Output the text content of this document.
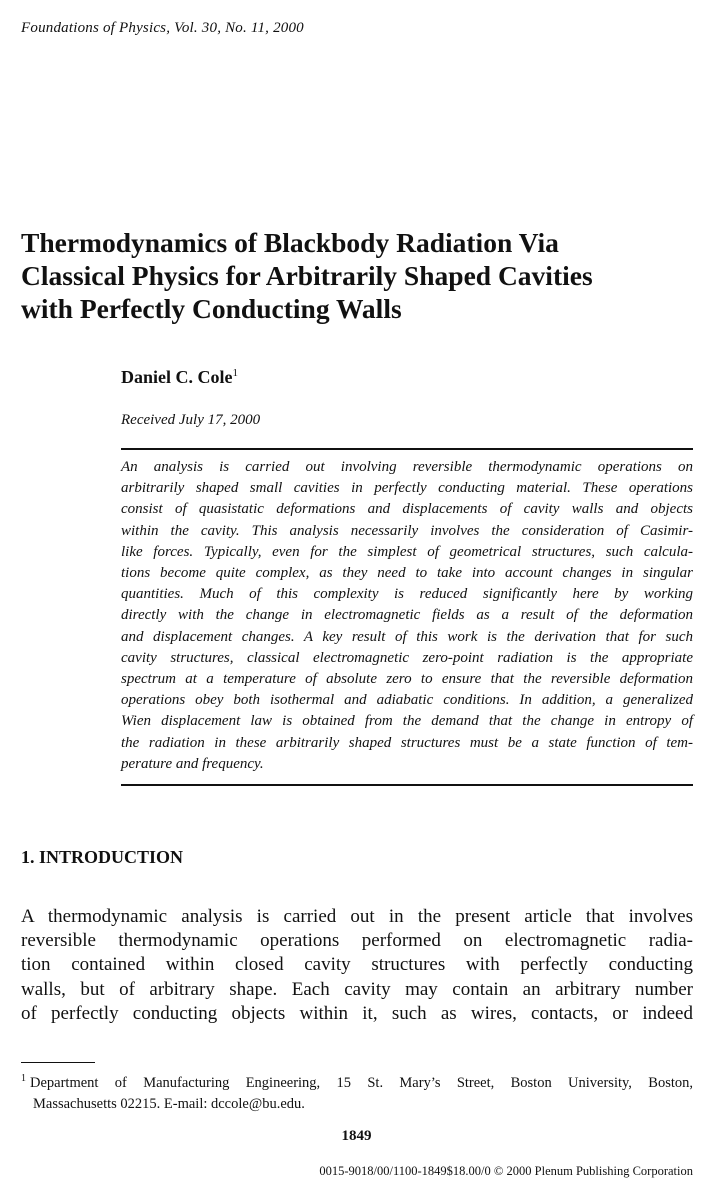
Foundations of Physics, Vol. 30, No. 11, 2000
Thermodynamics of Blackbody Radiation Via
Classical Physics for Arbitrarily Shaped Cavities
with Perfectly Conducting Walls
Daniel C. Cole$^1$
Received July 17, 2000
An analysis is carried out involving reversible thermodynamic operations on
arbitrarily shaped small cavities in perfectly conducting material. These operations
consist of quasistatic deformations and displacements of cavity walls and objects
within the cavity. This analysis necessarily involves the consideration of Casimir-
like forces. Typically, even for the simplest of geometrical structures, such calcula-
tions become quite complex, as they need to take into account changes in singular
quantities. Much of this complexity is reduced significantly here by working
directly with the change in electromagnetic fields as a result of the deformation
and displacement changes. A key result of this work is the derivation that for such
cavity structures, classical electromagnetic zero-point radiation is the appropriate
spectrum at a temperature of absolute zero to ensure that the reversible deformation
operations obey both isothermal and adiabatic conditions. In addition, a generalized
Wien displacement law is obtained from the demand that the change in entropy of
the radiation in these arbitrarily shaped structures must be a state function of tem-
perature and frequency.
1. INTRODUCTION
A thermodynamic analysis is carried out in the present article that involves
reversible thermodynamic operations performed on electromagnetic radia-
tion contained within closed cavity structures with perfectly conducting
walls, but of arbitrary shape. Each cavity may contain an arbitrary number
of perfectly conducting objects within it, such as wires, contacts, or indeed
$^1$ Department of Manufacturing Engineering, 15 St. Mary’s Street, Boston University, Boston,
Massachusetts 02215. E-mail: dccole@bu.edu.
1849
0015-9018/00/1100-1849$18.00/0 © 2000 Plenum Publishing Corporation
